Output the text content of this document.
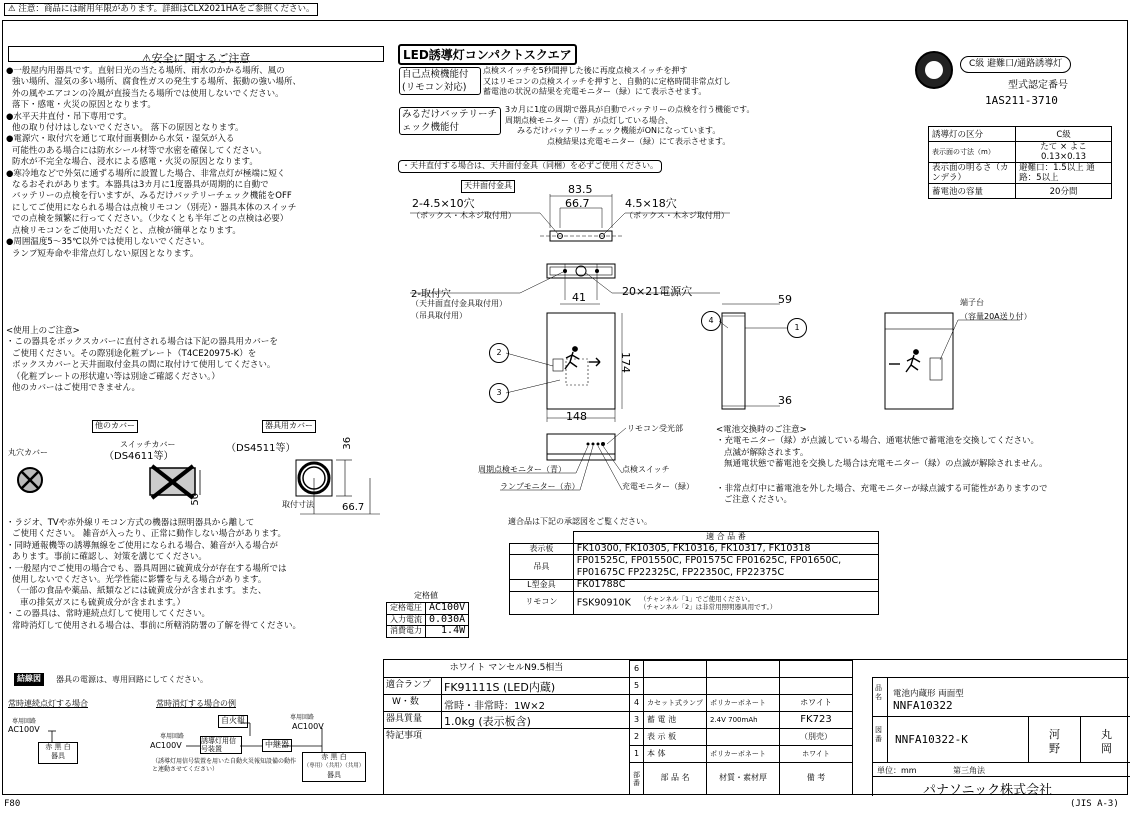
⚠ 注意：商品には耐用年限があります。詳細はCLX2021HAをご参照ください。
⚠安全に関するご注意
●一般屋内用器具です。直射日光の当たる場所、雨水のかかる場所、風の
強い場所、湿気の多い場所、腐食性ガスの発生する場所、振動の強い場所、
外の風やエアコンの冷風が直接当たる場所では使用しないでください。
落下・感電・火災の原因となります。
●水平天井直付・吊下専用です。
他の取り付けはしないでください。 落下の原因となります。
●電源穴・取付穴を通じて取付面裏側から水気・湿気が入る
可能性のある場合には防水シール材等で水密を確保してください。
防水が不完全な場合、浸水による感電・火災の原因となります。
●寒冷地などで外気に通ずる場所に設置した場合、非常点灯が極端に短く
なるおそれがあります。本器具は3カ月に1度器具が周期的に自動で
バッテリーの点検を行いますが、みるだけバッテリーチェック機能をOFF
にしてご使用になられる場合は点検リモコン（別売）・器具本体のスイッチ
での点検を頻繁に行ってください。（少なくとも半年ごとの点検は必要）
点検リモコンをご使用いただくと、点検が簡単となります。
●周囲温度5～35℃以外では使用しないでください。
ランプ短寿命や非常点灯しない原因となります。
<使用上のご注意>
・この器具をボックスカバーに直付される場合は下記の器具用カバーを
ご使用ください。その際別途化粧プレート（T4CE20975-K）を
ボックスカバーと天井面取付金具の間に取付けて使用してください。
（化粧プレートの形状違い等は別途ご確認ください。）
他のカバーはご使用できません。
他のカバー	器具用カバー
丸穴カバー
スイッチカバー
（DS4611等）
（DS4511等）	36
50	取付寸法	66.7
・ラジオ、TVや赤外線リモコン方式の機器は照明器具から離して
ご使用ください。 雑音が入ったり、正常に動作しない場合があります。
・同時通報機等の誘導無線をご使用になられる場合、雑音が入る場合が
あります。事前に確認し、対策を講じてください。
・一般屋内でご使用の場合でも、器具周囲に硫黄成分が存在する場所では
使用しないでください。光学性能に影響を与える場合があります。
（一部の食品や薬品、紙類などには硫黄成分が含まれます。また、
車の排気ガスにも硫黄成分が含まれます。）
・この器具は、常時連続点灯して使用してください。
常時消灯して使用される場合は、事前に所轄消防署の了解を得てください。
結線図	器具の電源は、専用回路にしてください。
常時連続点灯する場合	常時消灯する場合の例
専用回路
AC100V
専用回路
AC100V
専用回路
AC100V
自火報
誘導灯用信号装置	中継器
赤 黒 白
器具	赤 黒 白
（専用）（共用）（共用）
器具
（誘導灯用信号装置を用いた自動火災報知設備の動作と連動させてください）
定格値
定格電圧	AC100V
入力電流	0.030A
消費電力	1.4W
LED誘導灯コンパクトスクエア
自己点検機能付(リモコン対応)
点検スイッチを5秒間押した後に再度点検スイッチを押す
又はリモコンの点検スイッチを押すと、自動的に定格時間非常点灯し
蓄電池の状況の結果を充電モニター（緑）にて表示させます。
みるだけバッテリーチェック機能付
3カ月に1度の周期で器具が自動でバッテリーの点検を行う機能です。
周期点検モニター（青）が点灯している場合、
みるだけバッテリーチェック機能がONになっています。
点検結果は充電モニター（緑）にて表示させます。
・天井直付する場合は、天井面付金具（同梱）を必ずご使用ください。
天井面付金具
2-4.5×10穴
（ボックス・木ネジ取付用）
83.5
66.7	4.5×18穴
（ボックス・木ネジ取付用）
2-取付穴
（天井面直付金具取付用）
（吊具取付用）
20×21電源穴
41
174
148
59
36
端子台
（容量20A送り付）
リモコン受光部
周期点検モニター（青）
ランプモニター（赤）
点検スイッチ
充電モニター（緑）
2
3
4
1
<電池交換時のご注意>
・充電モニター（緑）が点滅している場合、通電状態で蓄電池を交換してください。
点滅が解除されます。
無通電状態で蓄電池を交換した場合は充電モニター（緑）の点滅が解除されません。
・非常点灯中に蓄電池を外した場合、充電モニターが緑点滅する可能性がありますので
ご注意ください。
C級 避難口/通路誘導灯
型式認定番号
1AS211-3710
誘導灯の区分	C級
表示面の寸法（m）	たて × よこ 0.13×0.13
表示面の明るさ（カンデラ）	避難口：1.5以上 通 路：5以上
蓄電池の容量	20分間
適合品は下記の承認図をご覧ください。
	適 合 品 番
表示板	FK10300, FK10305, FK10316, FK10317, FK10318
吊具	FP01525C, FP01550C, FP01575C FP01625C, FP01650C, FP01675C FP22325C, FP22350C, FP22375C
L型金具	FK01788C
リモコン	FSK90910K （チャンネル「1」でご使用ください。
（チャンネル「2」は非常用照明器具用です。）
ホワイト マンセルN9.5相当
適合ランプ FK91111S (LED内蔵)
W・数	常時・非常時：1W×2
器具質量 1.0kg (表示板含)
特記事項
6			
5			
4	カセット式ランプ	ポリカーボネート	ホワイト
3	蓄 電 池	2.4V 700mAh	FK723
2	表 示 板		（別売）
1	本 体	ポリカーボネート	ホワイト
部番	部 品 名	材質・素材厚	備 考
品名	電池内蔵形 両面型
NNFA10322
図番 NNFA10322-K	河
野
丸
岡
単位：mm	第三角法
パナソニック株式会社
F80	(JIS A-3)
